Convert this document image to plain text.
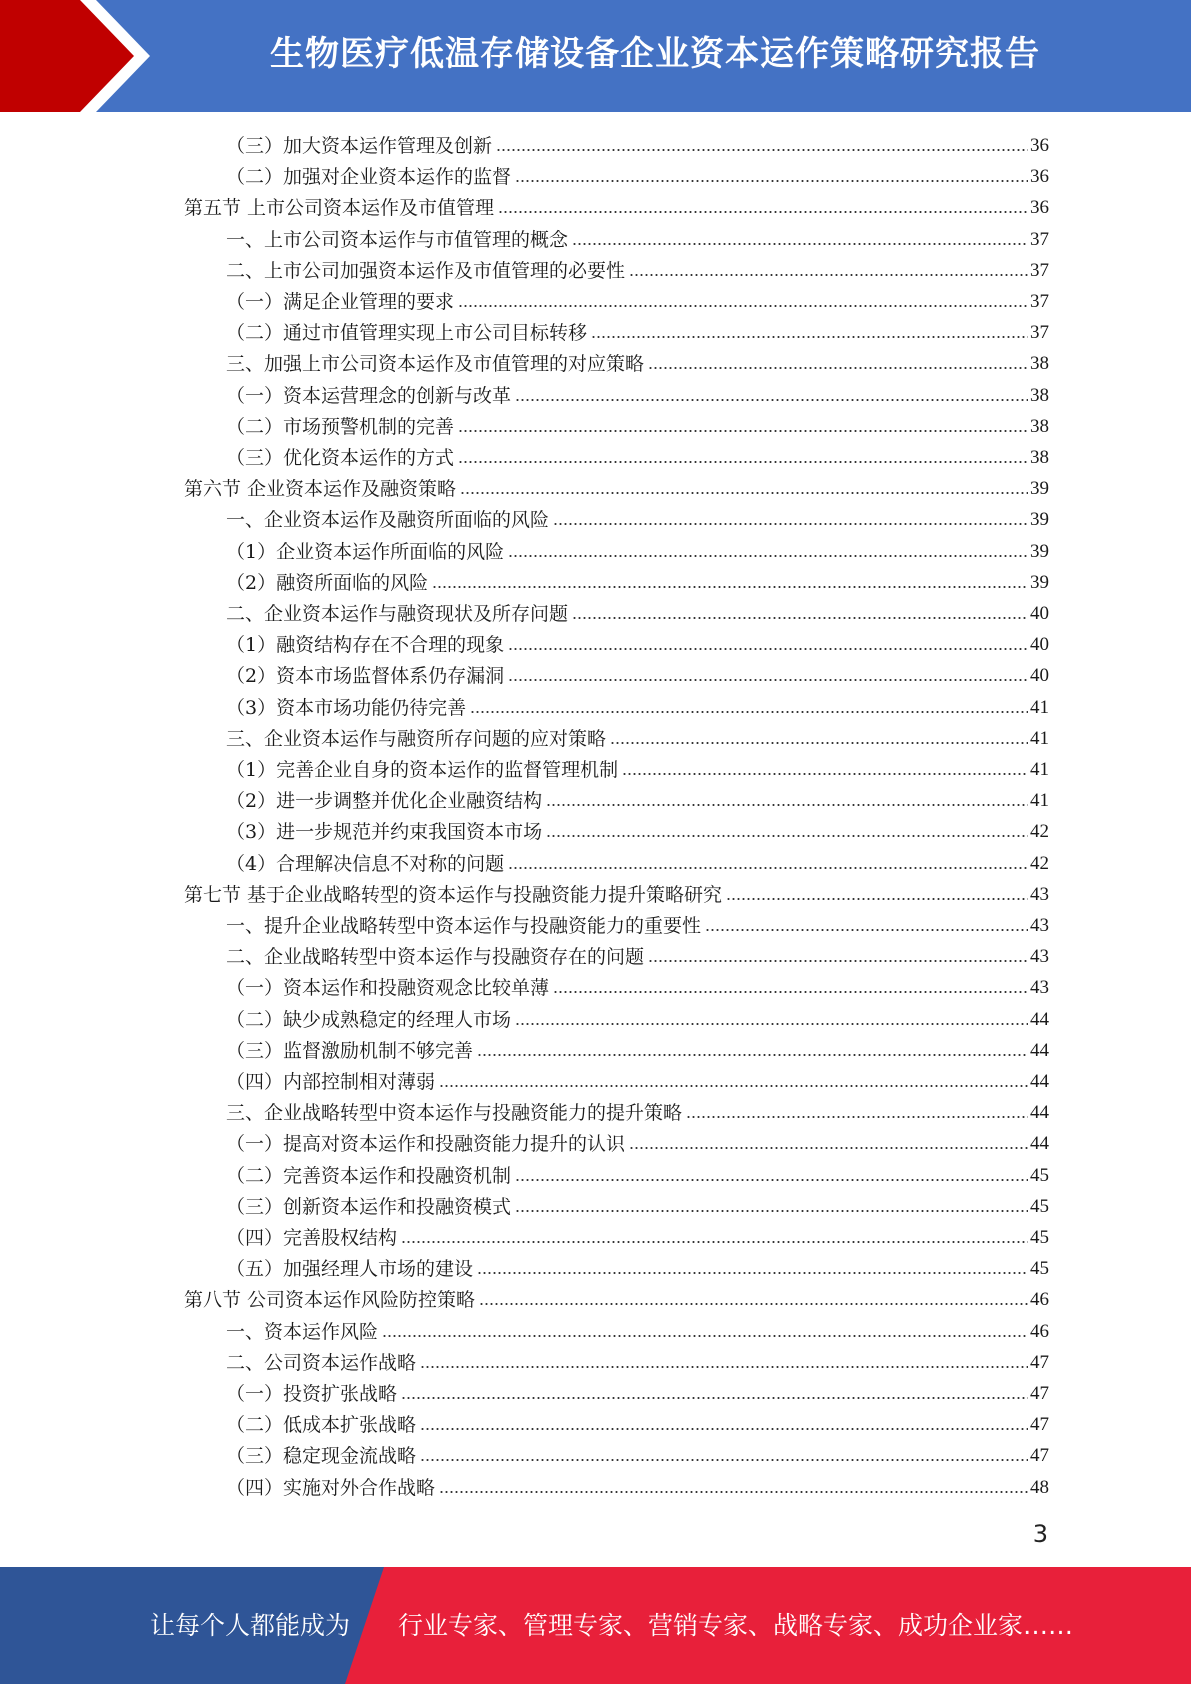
生物医疗低温存储设备企业资本运作策略研究报告
（三）加大资本运作管理及创新	36
（二）加强对企业资本运作的监督	36
第五节 上市公司资本运作及市值管理	36
一、上市公司资本运作与市值管理的概念	37
二、上市公司加强资本运作及市值管理的必要性	37
（一）满足企业管理的要求	37
（二）通过市值管理实现上市公司目标转移	37
三、加强上市公司资本运作及市值管理的对应策略	38
（一）资本运营理念的创新与改革	38
（二）市场预警机制的完善	38
（三）优化资本运作的方式	38
第六节 企业资本运作及融资策略	39
一、企业资本运作及融资所面临的风险	39
（1）企业资本运作所面临的风险	39
（2）融资所面临的风险	39
二、企业资本运作与融资现状及所存问题	40
（1）融资结构存在不合理的现象	40
（2）资本市场监督体系仍存漏洞	40
（3）资本市场功能仍待完善	41
三、企业资本运作与融资所存问题的应对策略	41
（1）完善企业自身的资本运作的监督管理机制	41
（2）进一步调整并优化企业融资结构	41
（3）进一步规范并约束我国资本市场	42
（4）合理解决信息不对称的问题	42
第七节 基于企业战略转型的资本运作与投融资能力提升策略研究	43
一、提升企业战略转型中资本运作与投融资能力的重要性	43
二、企业战略转型中资本运作与投融资存在的问题	43
（一）资本运作和投融资观念比较单薄	43
（二）缺少成熟稳定的经理人市场	44
（三）监督激励机制不够完善	44
（四）内部控制相对薄弱	44
三、企业战略转型中资本运作与投融资能力的提升策略	44
（一）提高对资本运作和投融资能力提升的认识	44
（二）完善资本运作和投融资机制	45
（三）创新资本运作和投融资模式	45
（四）完善股权结构	45
（五）加强经理人市场的建设	45
第八节 公司资本运作风险防控策略	46
一、资本运作风险	46
二、公司资本运作战略	47
（一）投资扩张战略	47
（二）低成本扩张战略	47
（三）稳定现金流战略	47
（四）实施对外合作战略	48
3
让每个人都能成为 行业专家、管理专家、营销专家、战略专家、成功企业家……
